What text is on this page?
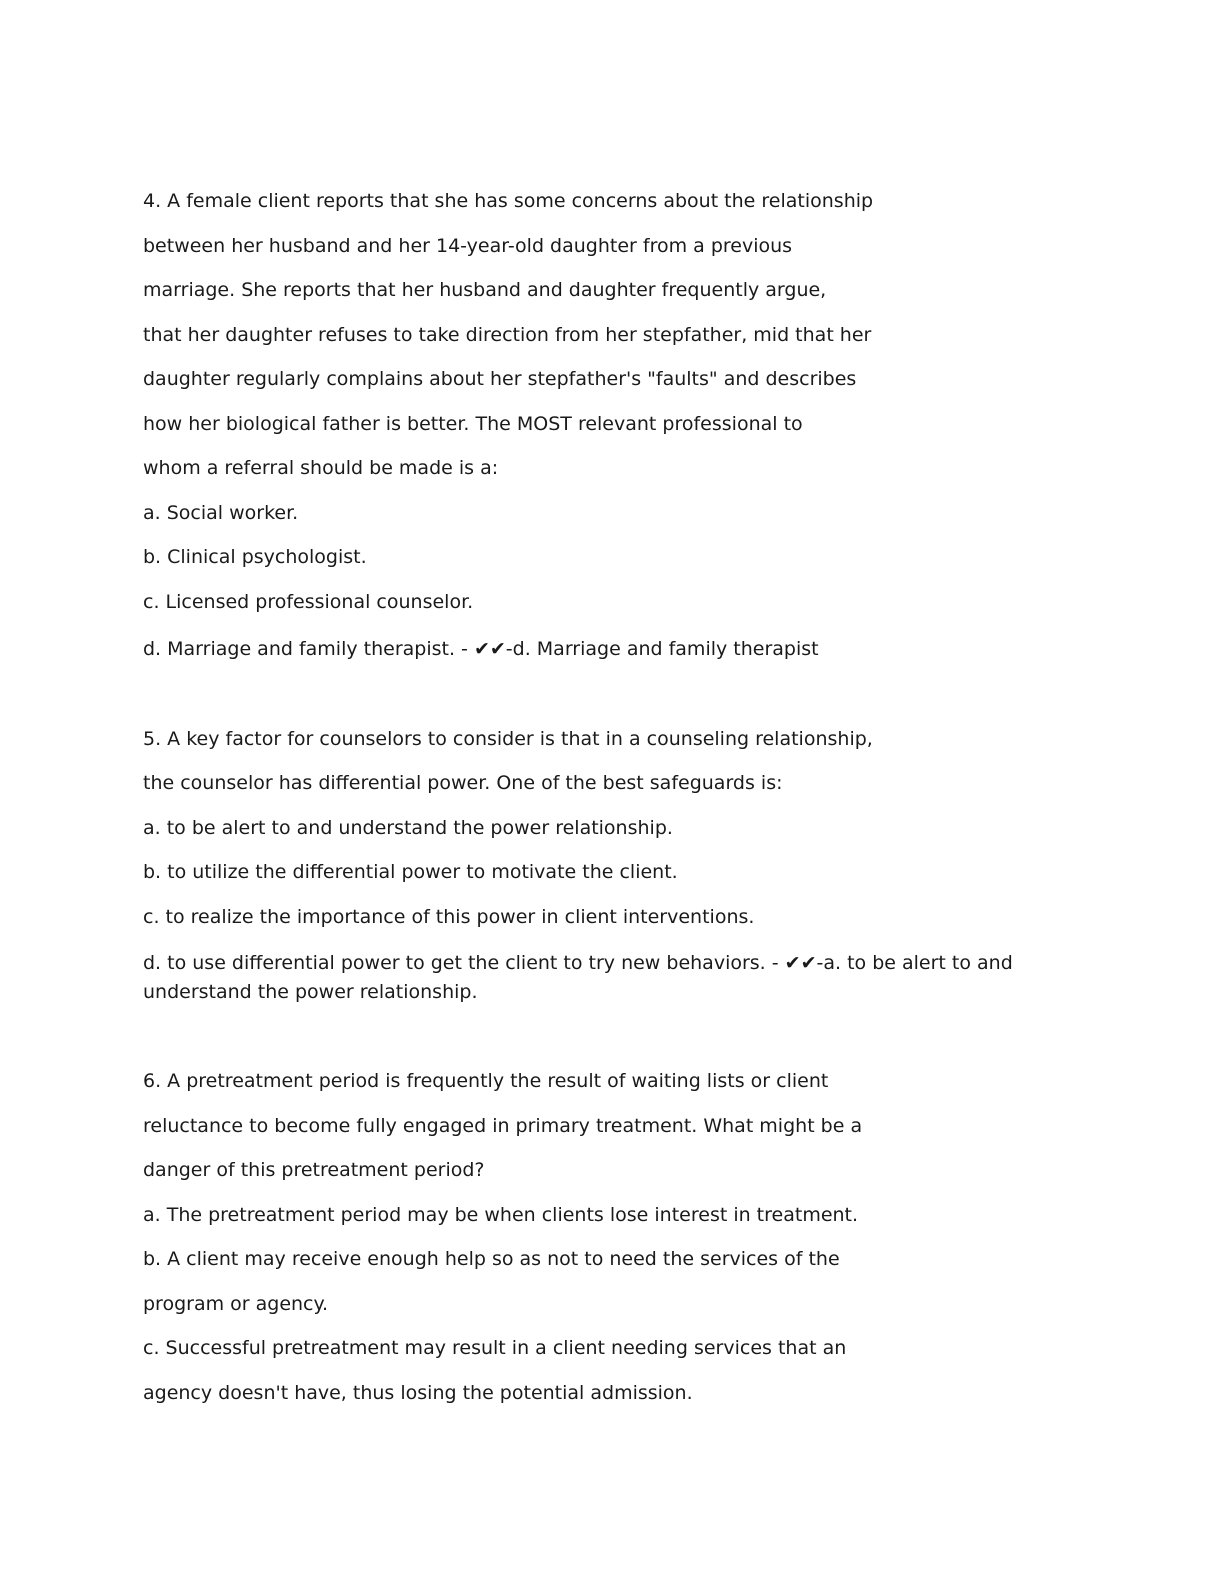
4. A female client reports that she has some concerns about the relationship
between her husband and her 14-year-old daughter from a previous
marriage. She reports that her husband and daughter frequently argue,
that her daughter refuses to take direction from her stepfather, mid that her
daughter regularly complains about her stepfather's "faults" and describes
how her biological father is better. The MOST relevant professional to
whom a referral should be made is a:
a. Social worker.
b. Clinical psychologist.
c. Licensed professional counselor.
d. Marriage and family therapist. - ✔✔-d. Marriage and family therapist
5. A key factor for counselors to consider is that in a counseling relationship,
the counselor has differential power. One of the best safeguards is:
a. to be alert to and understand the power relationship.
b. to utilize the differential power to motivate the client.
c. to realize the importance of this power in client interventions.
d. to use differential power to get the client to try new behaviors. - ✔✔-a. to be alert to and understand the power relationship.
6. A pretreatment period is frequently the result of waiting lists or client
reluctance to become fully engaged in primary treatment. What might be a
danger of this pretreatment period?
a. The pretreatment period may be when clients lose interest in treatment.
b. A client may receive enough help so as not to need the services of the
program or agency.
c. Successful pretreatment may result in a client needing services that an
agency doesn't have, thus losing the potential admission.
